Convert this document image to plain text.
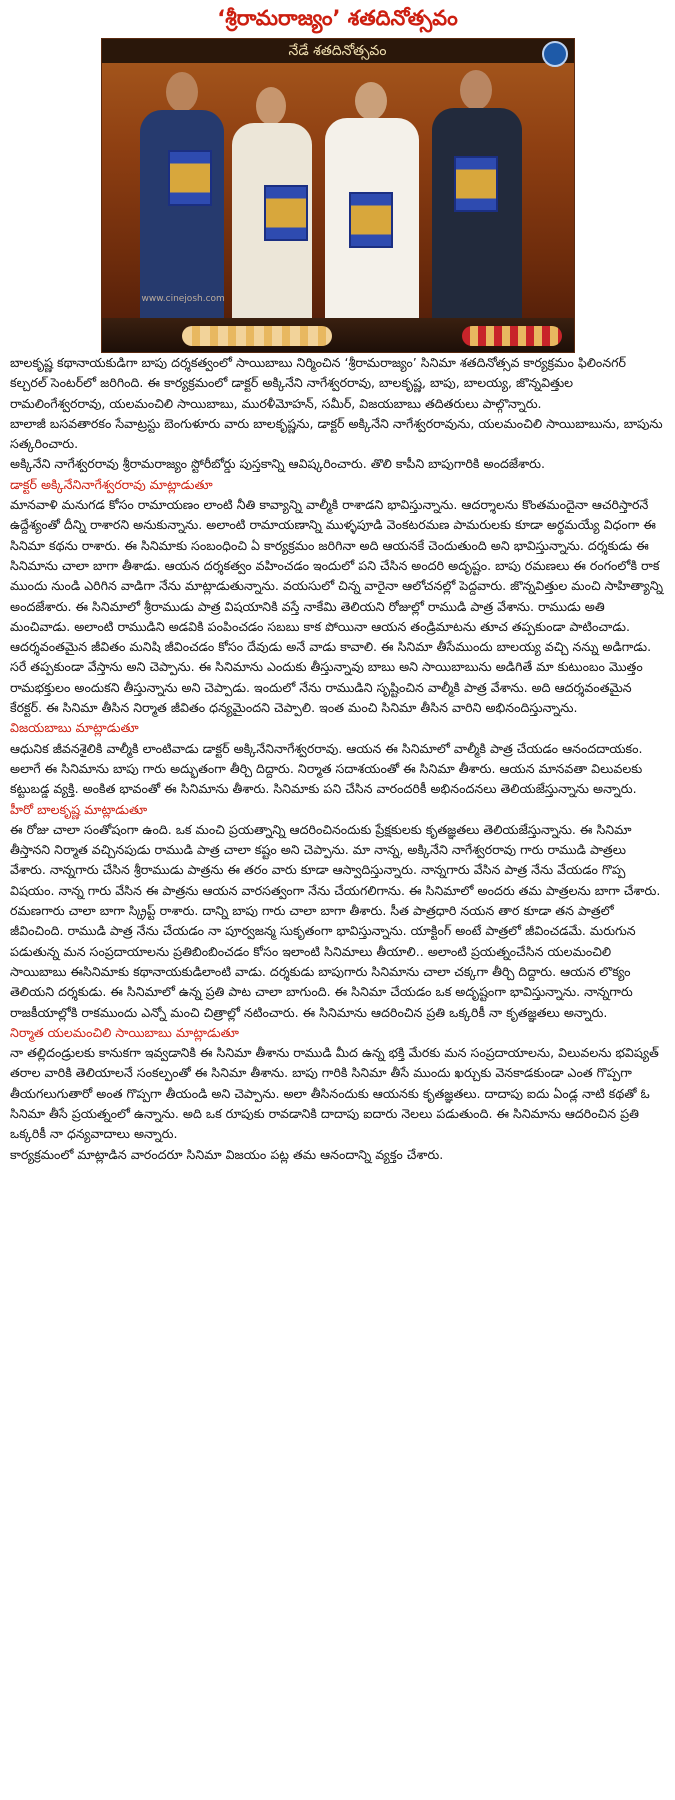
‘శ్రీరామరాజ్యం’ శతదినోత్సవం
నేడే శతదినోత్సవం
www.cinejosh.com

బాలకృష్ణ కథానాయకుడిగా బాపు దర్శకత్వంలో సాయిబాబు నిర్మించిన ‘శ్రీరామరాజ్యం’ సినిమా శతదినోత్సవ కార్యక్రమం ఫిలింనగర్ కల్చరల్ సెంటర్‌లో జరిగింది. ఈ కార్యక్రమంలో డాక్టర్ అక్కినేని నాగేశ్వరరావు, బాలకృష్ణ, బాపు, బాలయ్య, జొన్నవిత్తుల రామలింగేశ్వరరావు, యలమంచిలి సాయిబాబు, మురళీమోహన్, సమీర్, విజయబాబు తదితరులు పాల్గొన్నారు.

బాలాజీ బసవతారకం సేవాట్రస్టు బెంగుళూరు వారు బాలకృష్ణను, డాక్టర్ అక్కినేని నాగేశ్వరరావును, యలమంచిలి సాయిబాబును, బాపును సత్కరించారు.

అక్కినేని నాగేశ్వరరావు శ్రీరామరాజ్యం స్టోరీబోర్డు పుస్తకాన్ని ఆవిష్కరించారు. తొలి కాపీని బాపుగారికి అందజేశారు.

డాక్టర్ అక్కినేనినాగేశ్వరరావు మాట్లాడుతూ

మానవాళి మనుగడ కోసం రామాయణం లాంటి నీతి కావ్యాన్ని వాల్మీకి రాశాడని భావిస్తున్నాను. ఆదర్శాలను కొంతమందైనా ఆచరిస్తారనే ఉద్దేశ్యంతో దీన్ని రాశారని అనుకున్నాను. అలాంటి రామాయణాన్ని ముళ్ళపూడి వెంకటరమణ పామరులకు కూడా అర్థమయ్యే విధంగా ఈ సినిమా కథను రాశారు. ఈ సినిమాకు సంబంధించి ఏ కార్యక్రమం జరిగినా అది ఆయనకే చెందుతుంది అని భావిస్తున్నాను. దర్శకుడు ఈ సినిమాను చాలా బాగా తీశాడు. ఆయన దర్శకత్వం వహించడం ఇందులో పని చేసిన అందరి అదృష్టం. బాపు రమణలు ఈ రంగంలోకి రాక ముందు నుండి ఎరిగిన వాడిగా నేను మాట్లాడుతున్నాను. వయసులో చిన్న వారైనా ఆలోచనల్లో పెద్దవారు. జొన్నవిత్తుల మంచి సాహిత్యాన్ని అందజేశారు. ఈ సినిమాలో శ్రీరాముడు పాత్ర విషయానికి వస్తే నాకేమి తెలియని రోజుల్లో రాముడి పాత్ర వేశాను. రాముడు అతి మంచివాడు. అలాంటి రాముడిని అడవికి పంపించడం సబబు కాక పోయినా ఆయన తండ్రిమాటను తూచ తప్పకుండా పాటించాడు. ఆదర్శవంతమైన జీవితం మనిషి జీవించడం కోసం దేవుడు అనే వాడు కావాలి. ఈ సినిమా తీసేముందు బాలయ్య వచ్చి నన్ను అడిగాడు. సరే తప్పకుండా వేస్తాను అని చెప్పాను. ఈ సినిమాను ఎందుకు తీస్తున్నావు బాబు అని సాయిబాబును అడిగితే మా కుటుంబం మొత్తం రామభక్తులం అందుకని తీస్తున్నాను అని చెప్పాడు. ఇందులో నేను రాముడిని సృష్టించిన వాల్మీకి పాత్ర వేశాను. అది ఆదర్శవంతమైన కేరక్టర్. ఈ సినిమా తీసిన నిర్మాత జీవితం ధన్యమైందని చెప్పాలి. ఇంత మంచి సినిమా తీసిన వారిని అభినందిస్తున్నాను.

విజయబాబు మాట్లాడుతూ

ఆధునిక జీవనశైలికి వాల్మీకి లాంటివాడు డాక్టర్ అక్కినేనినాగేశ్వరరావు. ఆయన ఈ సినిమాలో వాల్మీకి పాత్ర చేయడం ఆనందదాయకం. అలాగే ఈ సినిమాను బాపు గారు అద్భుతంగా తీర్చి దిద్దారు. నిర్మాత సదాశయంతో ఈ సినిమా తీశారు. ఆయన మానవతా విలువలకు కట్టుబడ్డ వ్యక్తి. అంకిత భావంతో ఈ సినిమాను తీశారు. సినిమాకు పని చేసిన వారందరికీ అభినందనలు తెలియజేస్తున్నాను అన్నారు.

హీరో బాలకృష్ణ మాట్లాడుతూ

ఈ రోజు చాలా సంతోషంగా ఉంది. ఒక మంచి ప్రయత్నాన్ని ఆదరించినందుకు ప్రేక్షకులకు కృతజ్ఞతలు తెలియజేస్తున్నాను. ఈ సినిమా తీస్తానని నిర్మాత వచ్చినపుడు రాముడి పాత్ర చాలా కష్టం అని చెప్పాను. మా నాన్న, అక్కినేని నాగేశ్వరరావు గారు రాముడి పాత్రలు వేశారు. నాన్నగారు చేసిన శ్రీరాముడు పాత్రను ఈ తరం వారు కూడా ఆస్వాదిస్తున్నారు. నాన్నగారు వేసిన పాత్ర నేను వేయడం గొప్ప విషయం. నాన్న గారు వేసిన ఈ పాత్రను ఆయన వారసత్వంగా నేను చేయగలిగాను. ఈ సినిమాలో అందరు తమ పాత్రలను బాగా చేశారు. రమణగారు చాలా బాగా స్క్రిప్ట్ రాశారు. దాన్ని బాపు గారు చాలా బాగా తీశారు. సీత పాత్రధారి నయన తార కూడా తన పాత్రలో జీవించింది. రాముడి పాత్ర నేను చేయడం నా పూర్వజన్మ సుకృతంగా భావిస్తున్నాను. యాక్టింగ్ అంటే పాత్రలో జీవించడమే. మరుగున పడుతున్న మన సంప్రదాయాలను ప్రతిబింబించడం కోసం ఇలాంటి సినిమాలు తీయాలి.. అలాంటి ప్రయత్నంచేసిన యలమంచిలి సాయిబాబు ఈసినిమాకు కథానాయకుడిలాంటి వాడు. దర్శకుడు బాపుగారు సినిమాను చాలా చక్కగా తీర్చి దిద్దారు. ఆయన లొక్యం తెలియని దర్శకుడు. ఈ సినిమాలో ఉన్న ప్రతి పాట చాలా బాగుంది. ఈ సినిమా చేయడం ఒక అదృష్టంగా భావిస్తున్నాను. నాన్నగారు రాజకీయాల్లోకి రాకముందు ఎన్నో మంచి చిత్రాల్లో నటించారు. ఈ సినిమాను ఆదరించిన ప్రతి ఒక్కరికీ నా కృతజ్ఞతలు అన్నారు.

నిర్మాత యలమంచిలి సాయిబాబు మాట్లాడుతూ

నా తల్లిదండ్రులకు కానుకగా ఇవ్వడానికి ఈ సినిమా తీశాను రాముడి మీద ఉన్న భక్తి మేరకు మన సంప్రదాయాలను, విలువలను భవిష్యత్ తరాల వారికి తెలియాలనే సంకల్పంతో ఈ సినిమా తీశాను. బాపు గారికి సినిమా తీసే ముందు ఖర్చుకు వెనకాడకుండా ఎంత గొప్పగా తీయగలుగుతారో అంత గొప్పగా తీయండి అని చెప్పాను. అలా తీసినందుకు ఆయనకు కృతజ్ఞతలు. దాదాపు ఐదు ఏండ్ల నాటి కథతో ఓ సినిమా తీసే ప్రయత్నంలో ఉన్నాను. అది ఒక రూపుకు రావడానికి దాదాపు ఐదారు నెలలు పడుతుంది. ఈ సినిమాను ఆదరించిన ప్రతి ఒక్కరికీ నా ధన్యవాదాలు అన్నారు.

కార్యక్రమంలో మాట్లాడిన వారందరూ సినిమా విజయం పట్ల తమ ఆనందాన్ని వ్యక్తం చేశారు.
